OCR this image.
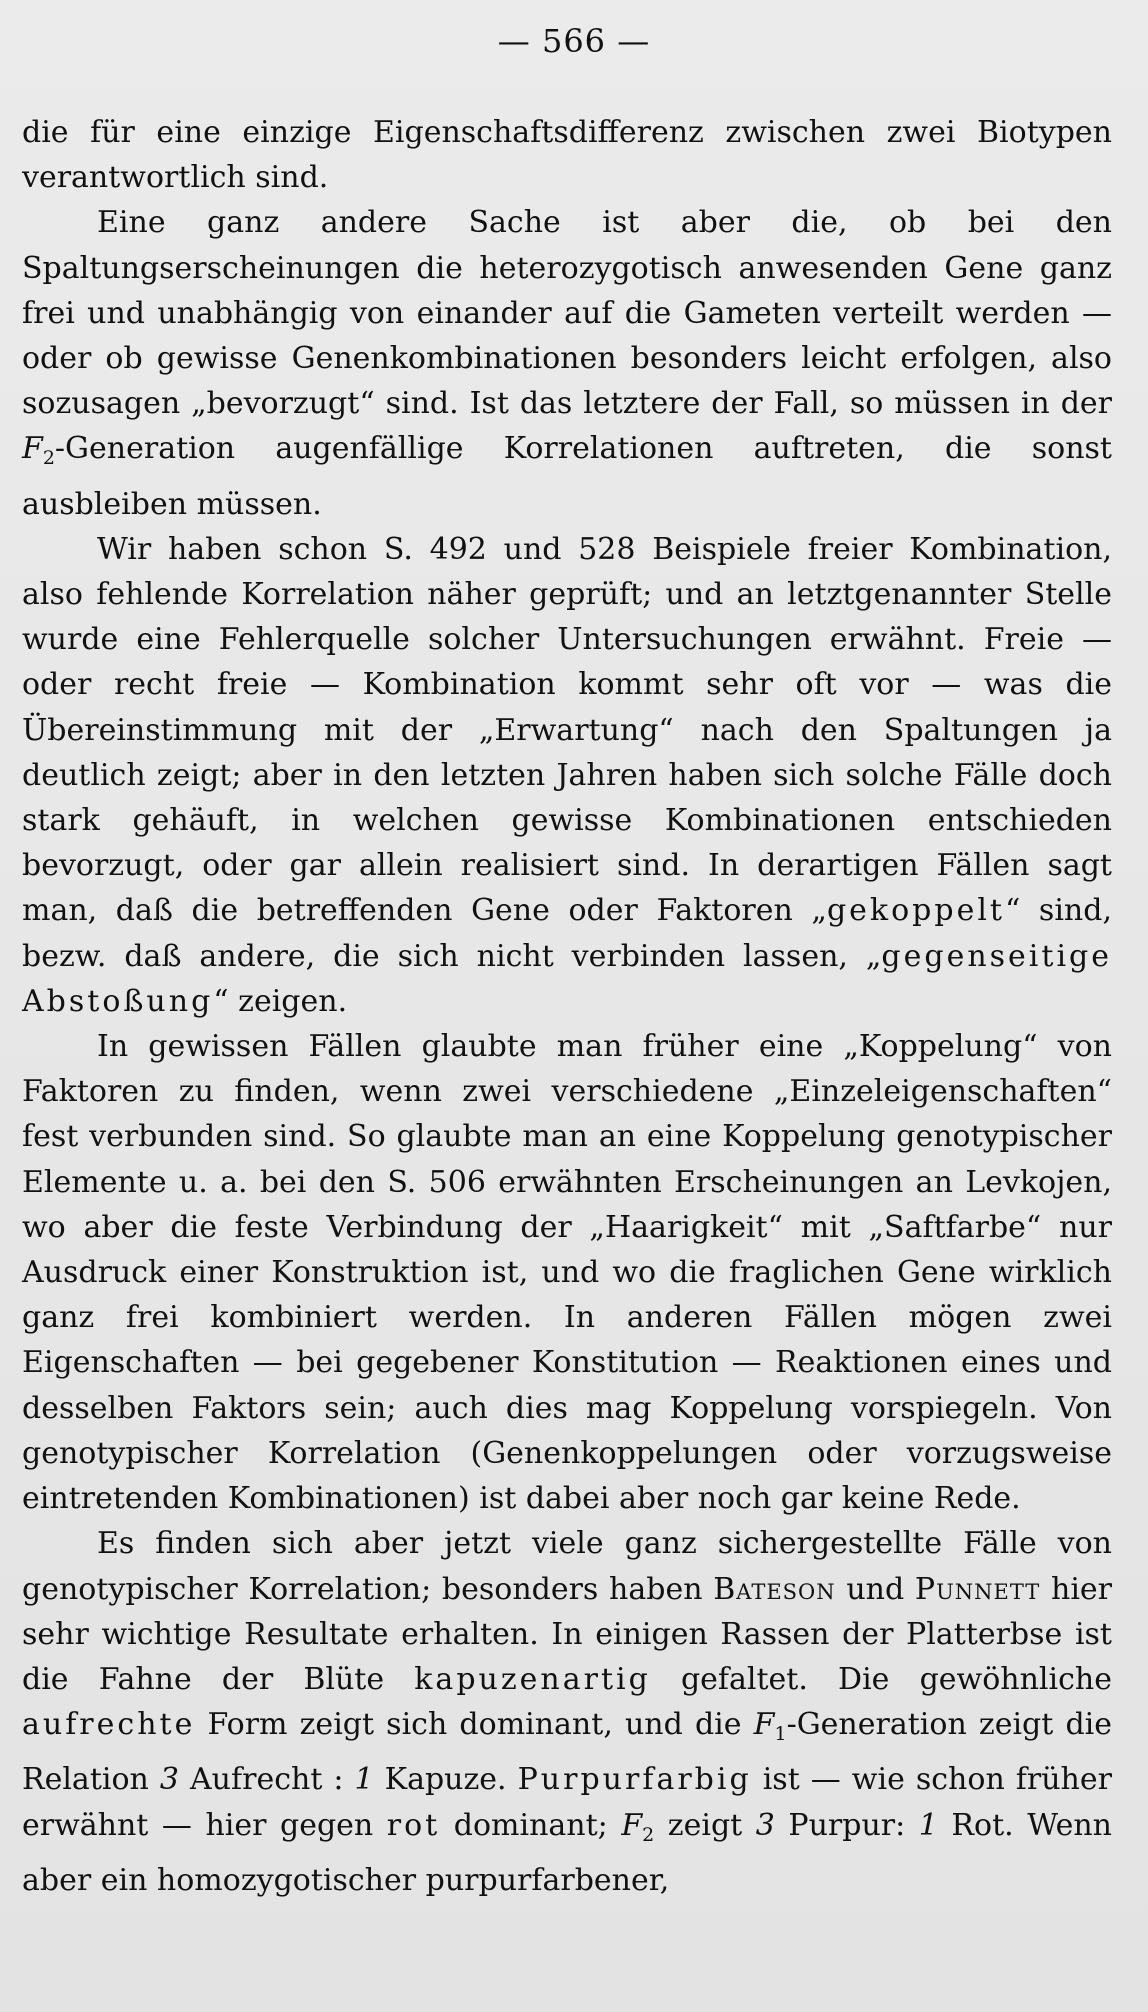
— 566 —

die für eine einzige Eigenschaftsdifferenz zwischen zwei Biotypen verantwortlich sind.

Eine ganz andere Sache ist aber die, ob bei den Spaltungserscheinungen die heterozygotisch anwesenden Gene ganz frei und unabhängig von einander auf die Gameten verteilt werden — oder ob gewisse Genenkombinationen besonders leicht erfolgen, also sozusagen „bevorzugt“ sind. Ist das letztere der Fall, so müssen in der $F_2$-Generation augenfällige Korrelationen auftreten, die sonst ausbleiben müssen.

Wir haben schon S. 492 und 528 Beispiele freier Kombination, also fehlende Korrelation näher geprüft; und an letztgenannter Stelle wurde eine Fehlerquelle solcher Untersuchungen erwähnt. Freie — oder recht freie — Kombination kommt sehr oft vor — was die Übereinstimmung mit der „Erwartung“ nach den Spaltungen ja deutlich zeigt; aber in den letzten Jahren haben sich solche Fälle doch stark gehäuft, in welchen gewisse Kombinationen entschieden bevorzugt, oder gar allein realisiert sind. In derartigen Fällen sagt man, daß die betreffenden Gene oder Faktoren „gekoppelt“ sind, bezw. daß andere, die sich nicht verbinden lassen, „gegenseitige Abstoßung“ zeigen.

In gewissen Fällen glaubte man früher eine „Koppelung“ von Faktoren zu finden, wenn zwei verschiedene „Einzeleigenschaften“ fest verbunden sind. So glaubte man an eine Koppelung genotypischer Elemente u. a. bei den S. 506 erwähnten Erscheinungen an Levkojen, wo aber die feste Verbindung der „Haarigkeit“ mit „Saftfarbe“ nur Ausdruck einer Konstruktion ist, und wo die fraglichen Gene wirklich ganz frei kombiniert werden. In anderen Fällen mögen zwei Eigenschaften — bei gegebener Konstitution — Reaktionen eines und desselben Faktors sein; auch dies mag Koppelung vorspiegeln. Von genotypischer Korrelation (Genenkoppelungen oder vorzugsweise eintretenden Kombinationen) ist dabei aber noch gar keine Rede.

Es finden sich aber jetzt viele ganz sichergestellte Fälle von genotypischer Korrelation; besonders haben Bateson und Punnett hier sehr wichtige Resultate erhalten. In einigen Rassen der Platterbse ist die Fahne der Blüte kapuzenartig gefaltet. Die gewöhnliche aufrechte Form zeigt sich dominant, und die $F_1$-Generation zeigt die Relation 3 Aufrecht : 1 Kapuze. Purpurfarbig ist — wie schon früher erwähnt — hier gegen rot dominant; $F_2$ zeigt 3 Purpur: 1 Rot. Wenn aber ein homozygotischer purpurfarbener,
